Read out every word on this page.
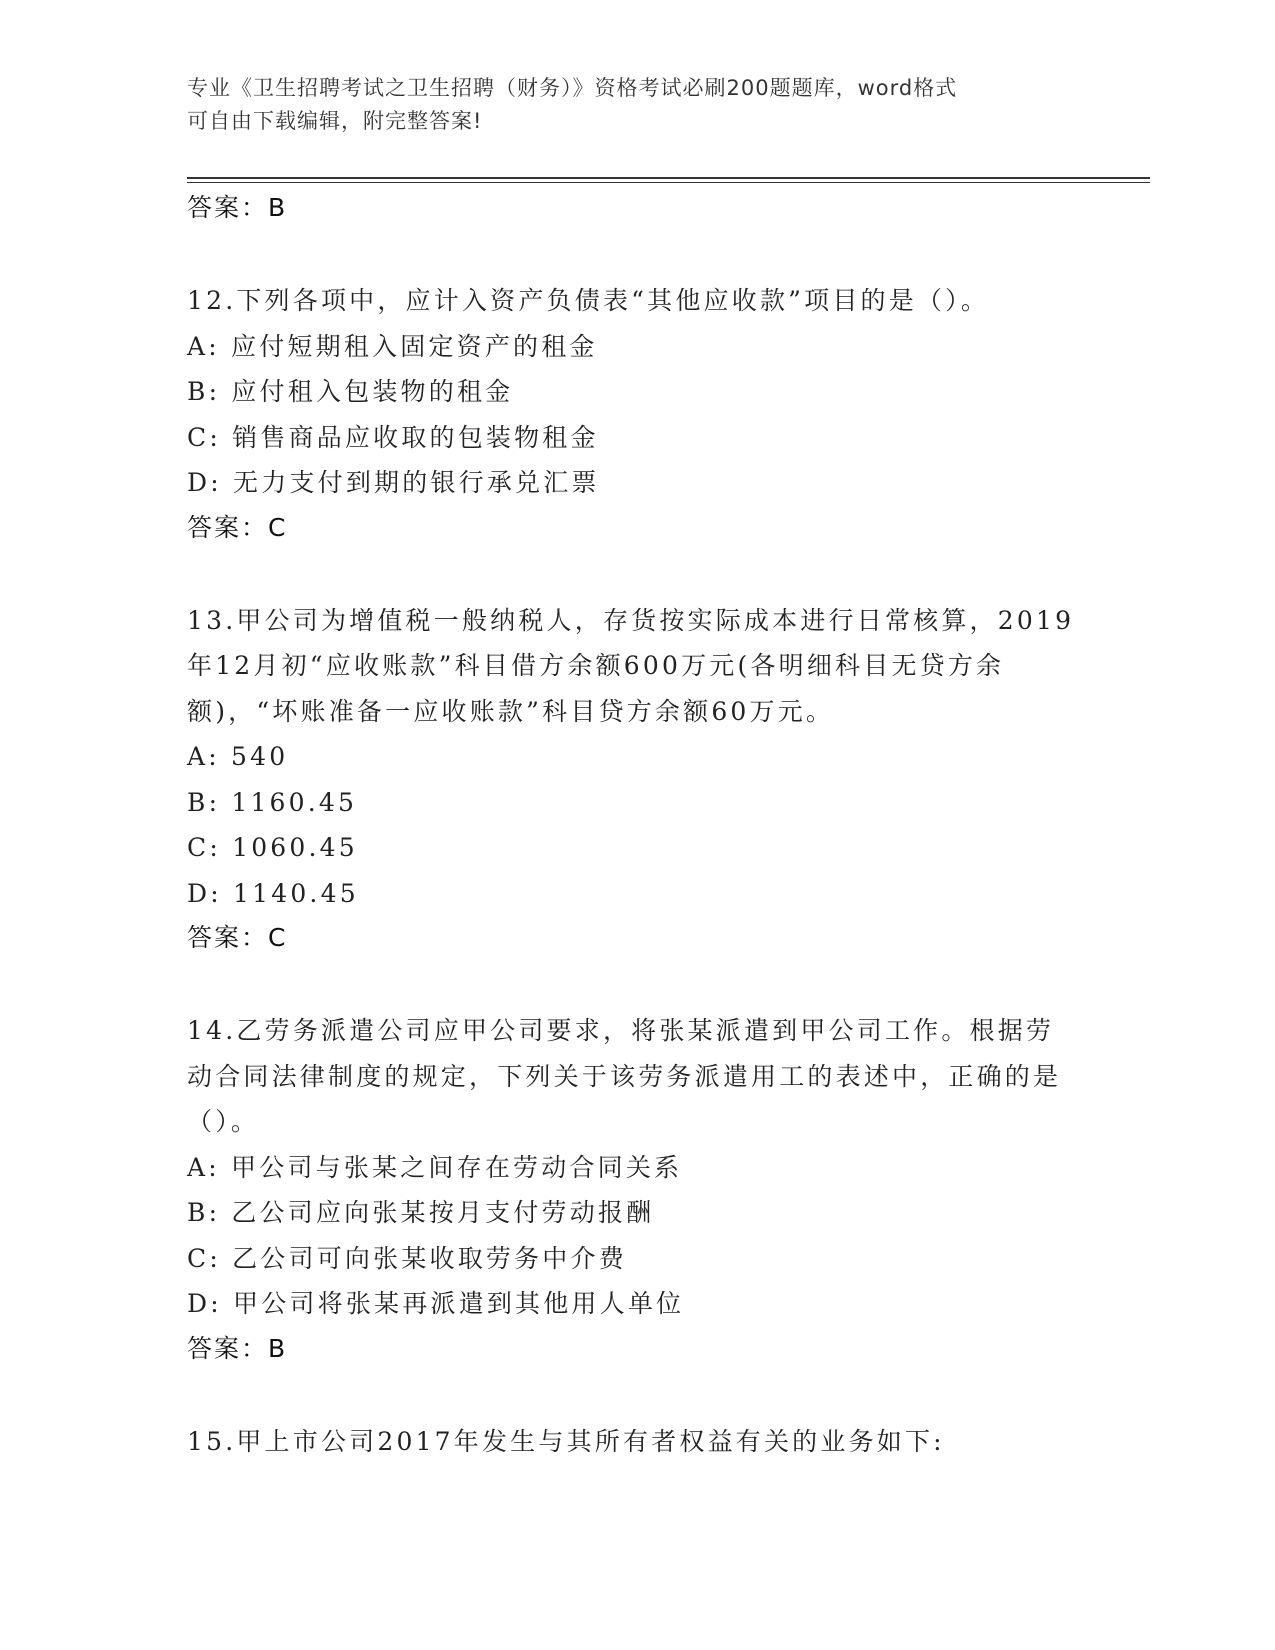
专业《卫生招聘考试之卫生招聘（财务）》资格考试必刷200题题库，word格式
可自由下载编辑，附完整答案!
答案：B
12.下列各项中，应计入资产负债表“其他应收款”项目的是（）。
A: 应付短期租入固定资产的租金
B: 应付租入包装物的租金
C: 销售商品应收取的包装物租金
D: 无力支付到期的银行承兑汇票
答案：C
13.甲公司为增值税一般纳税人，存货按实际成本进行日常核算，2019年12月初“应收账款”科目借方余额600万元(各明细科目无贷方余额)，“坏账准备一应收账款”科目贷方余额60万元。
A: 540
B: 1160.45
C: 1060.45
D: 1140.45
答案：C
14.乙劳务派遣公司应甲公司要求，将张某派遣到甲公司工作。根据劳动合同法律制度的规定，下列关于该劳务派遣用工的表述中，正确的是（）。
A: 甲公司与张某之间存在劳动合同关系
B: 乙公司应向张某按月支付劳动报酬
C: 乙公司可向张某收取劳务中介费
D: 甲公司将张某再派遣到其他用人单位
答案：B
15.甲上市公司2017年发生与其所有者权益有关的业务如下:
